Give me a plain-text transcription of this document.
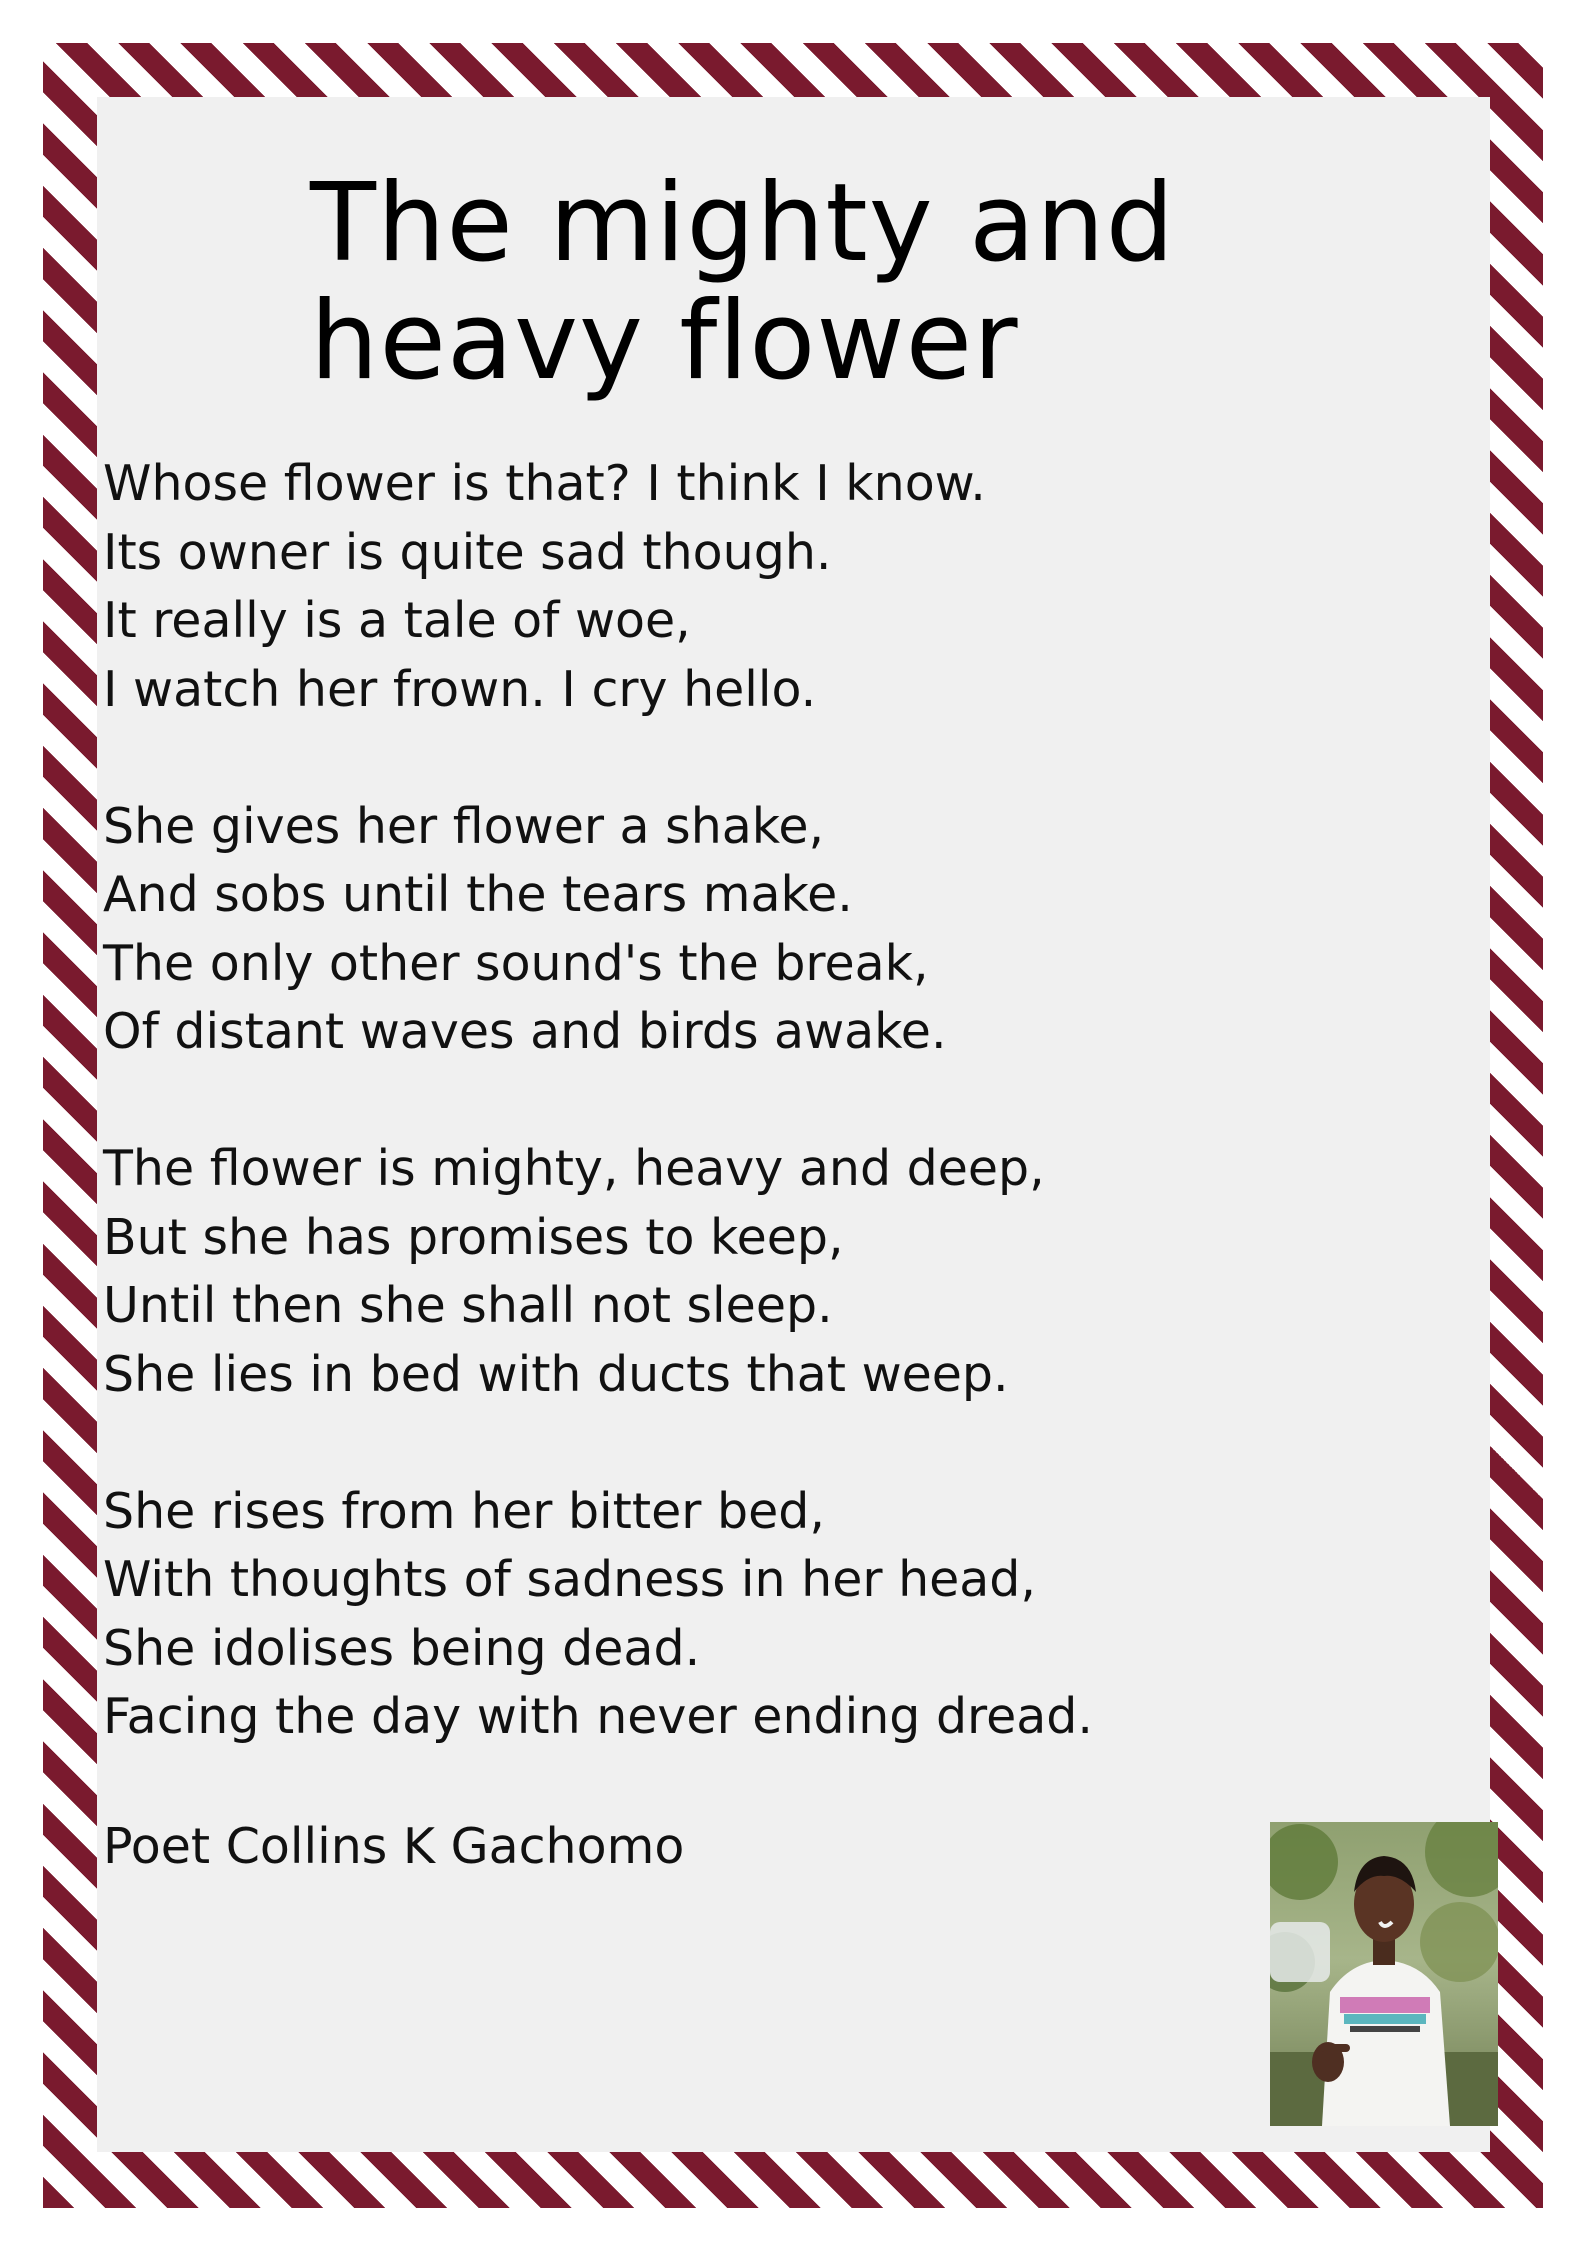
The mighty and
heavy flower
Whose flower is that? I think I know.
Its owner is quite sad though.
It really is a tale of woe,
I watch her frown. I cry hello.
She gives her flower a shake,
And sobs until the tears make.
The only other sound's the break,
Of distant waves and birds awake.
The flower is mighty, heavy and deep,
But she has promises to keep,
Until then she shall not sleep.
She lies in bed with ducts that weep.
She rises from her bitter bed,
With thoughts of sadness in her head,
She idolises being dead.
Facing the day with never ending dread.
Poet Collins K Gachomo
